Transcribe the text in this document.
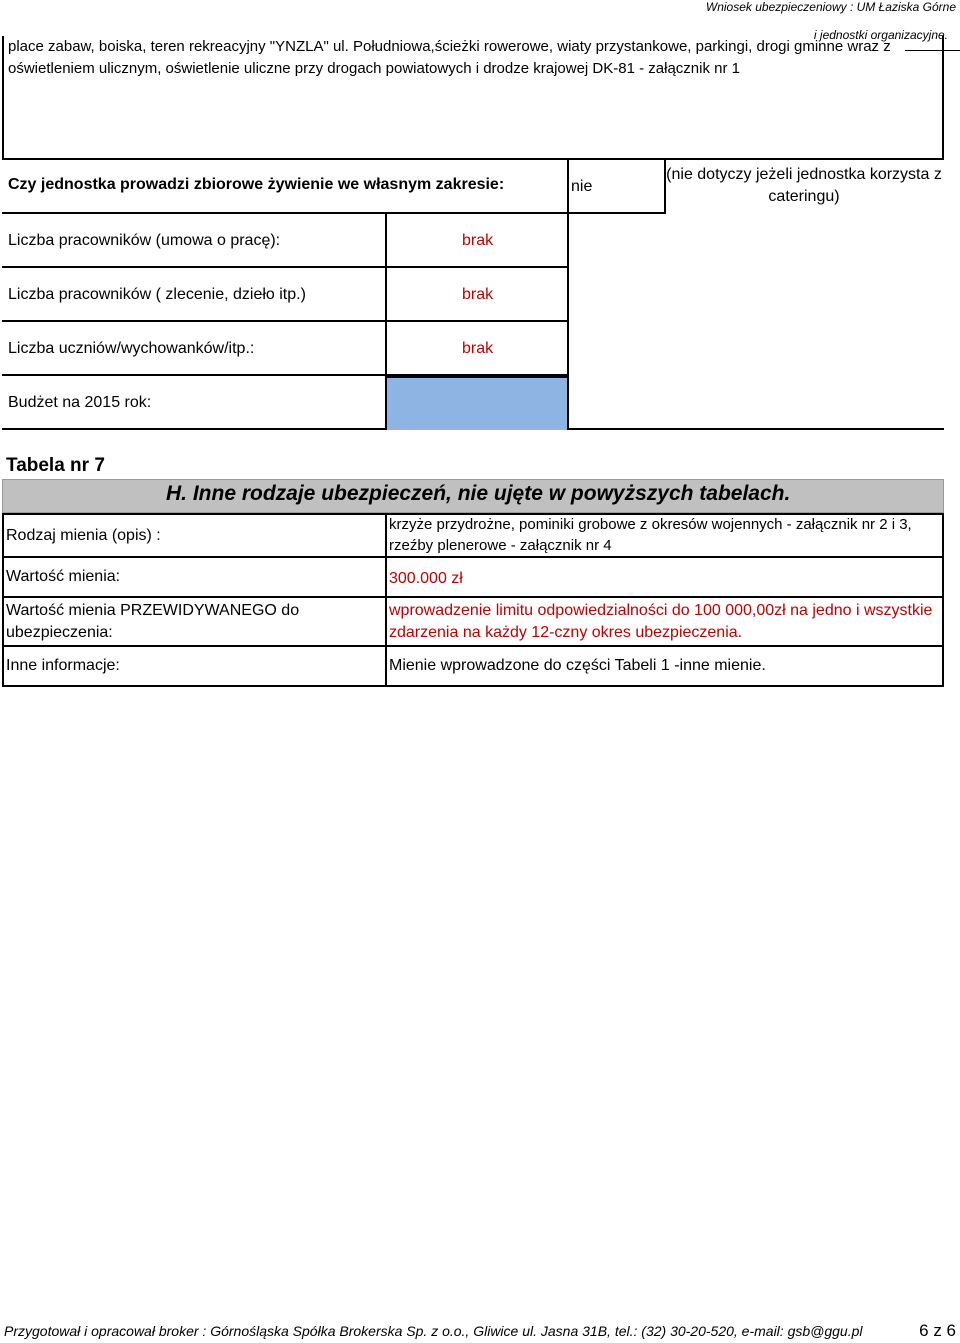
Wniosek ubezpieczeniowy : UM Łaziska Górne
i jednostki organizacyjne.
place zabaw, boiska, teren rekreacyjny "YNZLA" ul. Południowa,ścieżki rowerowe, wiaty przystankowe, parkingi, drogi gminne wraz z oświetleniem ulicznym, oświetlenie uliczne przy drogach powiatowych i drodze krajowej DK-81 - załącznik nr 1
Czy jednostka prowadzi zbiorowe żywienie we własnym zakresie:	nie
(nie dotyczy jeżeli jednostka korzysta z cateringu)
Liczba pracowników (umowa o pracę):	brak
Liczba pracowników ( zlecenie, dzieło itp.)	brak
Liczba uczniów/wychowanków/itp.:	brak
Budżet na 2015 rok:
Tabela nr 7
H. Inne rodzaje ubezpieczeń, nie ujęte w powyższych tabelach.
Rodzaj mienia (opis) :
krzyże przydrożne, pominiki grobowe z okresów wojennych - załącznik nr 2 i 3, rzeźby plenerowe - załącznik nr 4
Wartość mienia:	300.000 zł
Wartość mienia PRZEWIDYWANEGO do ubezpieczenia:
wprowadzenie limitu odpowiedzialności do 100 000,00zł na jedno i wszystkie zdarzenia na każdy 12-czny okres ubezpieczenia.
Inne informacje:	Mienie wprowadzone do części Tabeli 1 -inne mienie.
Przygotował i opracował broker : Górnośląska Spółka Brokerska Sp. z o.o., Gliwice ul. Jasna 31B, tel.: (32) 30-20-520, e-mail: gsb@ggu.pl	6 z 6
